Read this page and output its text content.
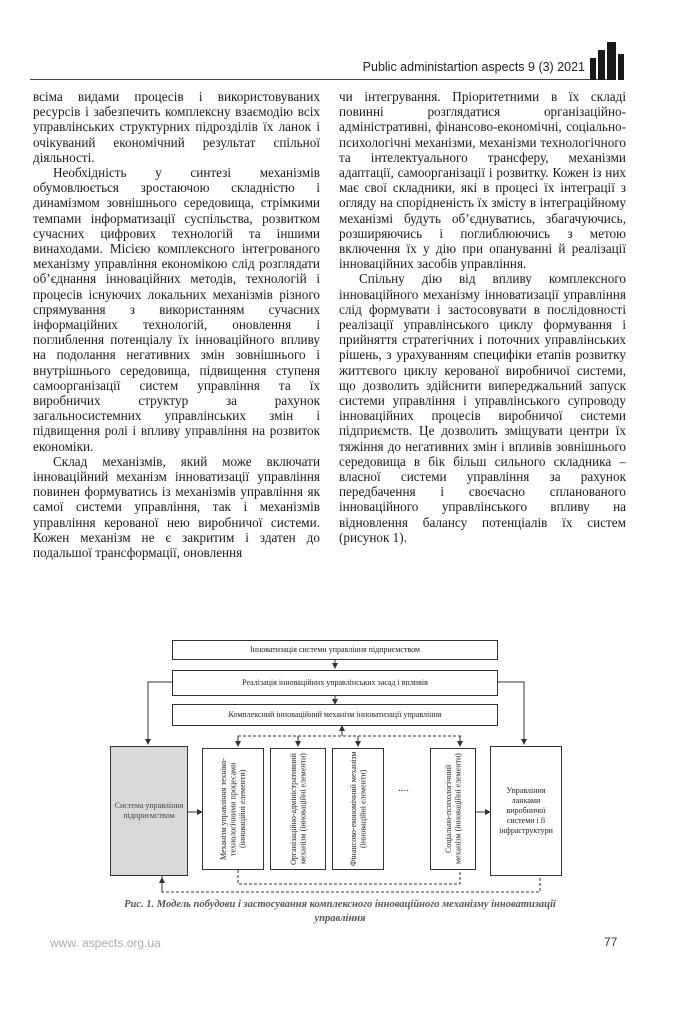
Public administartion aspects 9 (3) 2021

всіма видами процесів і використовуваних ресурсів і забезпечить комплексну взаємодію всіх управлінських структурних підрозділів їх ланок і очікуваний економічний результат спільної діяльності.

Необхідність у синтезі механізмів обумовлюється зростаючою складністю і динамізмом зовнішнього середовища, стрімкими темпами інформатизації суспільства, розвитком сучасних цифрових технологій та іншими винаходами. Місією комплексного інтегрованого механізму управління економікою слід розглядати об’єднання інноваційних методів, технологій і процесів існуючих локальних механізмів різного спрямування з використанням сучасних інформаційних технологій, оновлення і поглиблення потенціалу їх інноваційного впливу на подолання негативних змін зовнішнього і внутрішнього середовища, підвищення ступеня самоорганізації систем управління та їх виробничих структур за рахунок загальносистемних управлінських змін і підвищення ролі і впливу управління на розвиток економіки.

Склад механізмів, який може включати інноваційний механізм інноватизації управління повинен формуватись із механізмів управління як самої системи управління, так і механізмів управління керованої нею виробничої системи. Кожен механізм не є закритим і здатен до подальшої трансформації, оновлення

чи інтегрування. Пріоритетними в їх складі повинні розглядатися організаційно-адміністративні, фінансово-економічні, соціально-психологічні механізми, механізми технологічного та інтелектуального трансферу, механізми адаптації, самоорганізації і розвитку. Кожен із них має свої складники, які в процесі їх інтеграції з огляду на спорідненість їх змісту в інтеграційному механізмі будуть об’єднуватись, збагачуючись, розширяючись і поглиблюючись з метою включення їх у дію при опануванні й реалізації інноваційних засобів управління.

Спільну дію від впливу комплексного інноваційного механізму інноватизації управління слід формувати і застосовувати в послідовності реалізації управлінського циклу формування і прийняття стратегічних і поточних управлінських рішень, з урахуванням специфіки етапів розвитку життєвого циклу керованої виробничої системи, що дозволить здійснити випереджальний запуск системи управління і управлінського супроводу інноваційних процесів виробничої системи підприємств. Це дозволить зміщувати центри їх тяжіння до негативних змін і впливів зовнішнього середовища в бік більш сильного складника – власної системи управління за рахунок передбачення і своєчасно спланованого інноваційного управлінського впливу на відновлення балансу потенціалів їх систем (рисунок 1).

Інноватизація системи управління підприємством
Реалізація інноваційних управлінських засад і впливів
Комплексний інноваційний механізм інноватизації управління
Система управління підприємством	Механізм управління техніко-технологічними процесами (інноваційні елементи)	Організаційно-адміністративний механізм (інноваційні елементи)	Фінансово-економічний механізм (інноваційні елементи)	....	Соціально-психологічний механізм (інноваційні елементи)	Управління ланками виробничої системи і її інфраструктури
Рис. 1. Модель побудови і застосування комплексного інноваційного механізму інноватизації управління
www. aspects.org.ua	77
